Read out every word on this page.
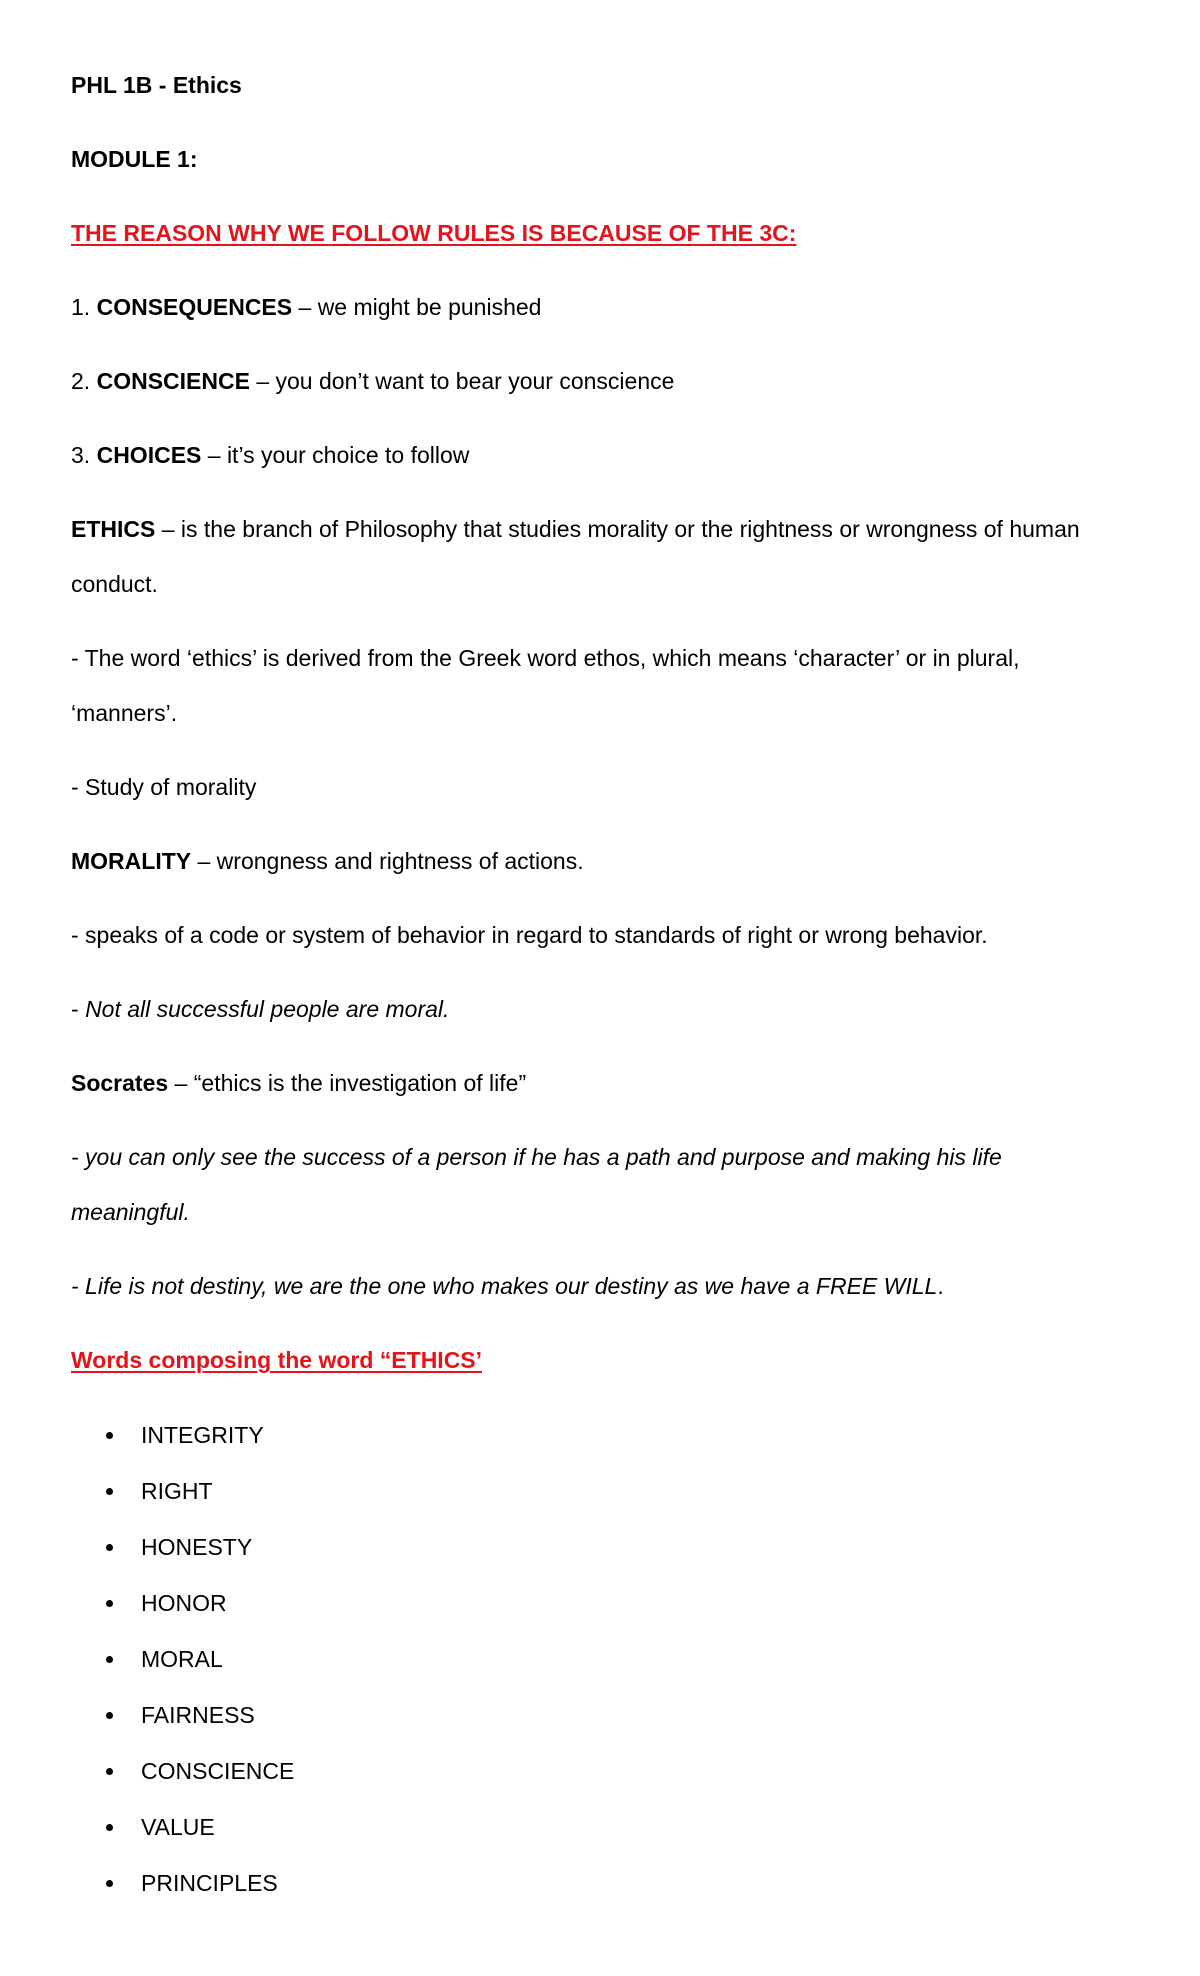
PHL 1B - Ethics

MODULE 1:

THE REASON WHY WE FOLLOW RULES IS BECAUSE OF THE 3C:

1. CONSEQUENCES – we might be punished

2. CONSCIENCE – you don’t want to bear your conscience

3. CHOICES – it’s your choice to follow

ETHICS – is the branch of Philosophy that studies morality or the rightness or wrongness of human

conduct.

- The word ‘ethics’ is derived from the Greek word ethos, which means ‘character’ or in plural,

‘manners’.

- Study of morality

MORALITY – wrongness and rightness of actions.

- speaks of a code or system of behavior in regard to standards of right or wrong behavior.

- Not all successful people are moral.

Socrates – “ethics is the investigation of life”

- you can only see the success of a person if he has a path and purpose and making his life

meaningful.

- Life is not destiny, we are the one who makes our destiny as we have a FREE WILL.

Words composing the word “ETHICS’

INTEGRITY
RIGHT
HONESTY
HONOR
MORAL
FAIRNESS
CONSCIENCE
VALUE
PRINCIPLES
